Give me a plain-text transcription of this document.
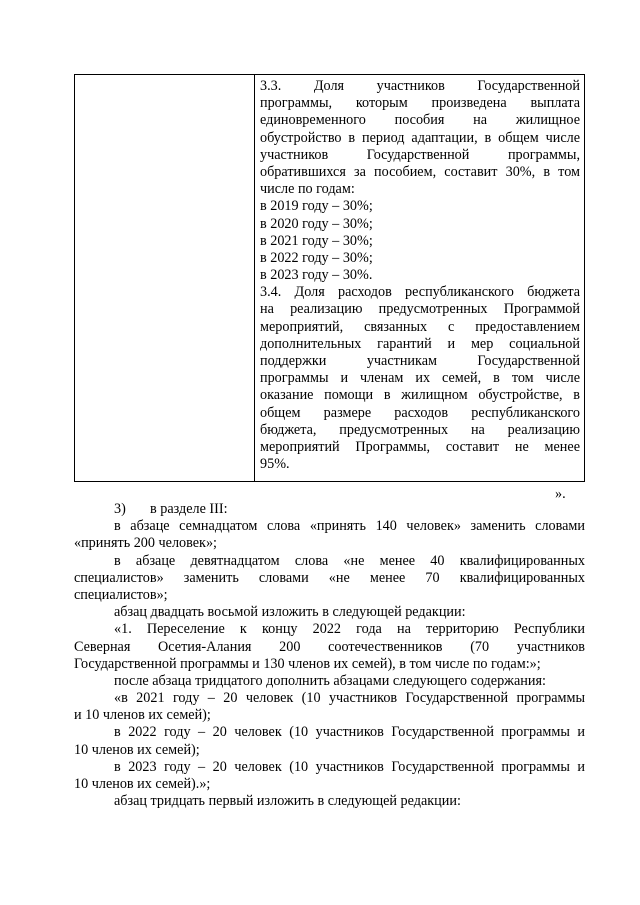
3.3. Доля участников Государственной
программы, которым произведена выплата
единовременного пособия на жилищное
обустройство в период адаптации, в общем числе
участников Государственной программы,
обратившихся за пособием, составит 30%, в том
числе по годам:
в 2019 году – 30%;
в 2020 году – 30%;
в 2021 году – 30%;
в 2022 году – 30%;
в 2023 году – 30%.
3.4. Доля расходов республиканского бюджета
на реализацию предусмотренных Программой
мероприятий, связанных с предоставлением
дополнительных гарантий и мер социальной
поддержки участникам Государственной
программы и членам их семей, в том числе
оказание помощи в жилищном обустройстве, в
общем размере расходов республиканского
бюджета, предусмотренных на реализацию
мероприятий Программы, составит не менее
95%.
».
3) в разделе III:
в абзаце семнадцатом слова «принять 140 человек» заменить словами
«принять 200 человек»;
в абзаце девятнадцатом слова «не менее 40 квалифицированных
специалистов» заменить словами «не менее 70 квалифицированных
специалистов»;
абзац двадцать восьмой изложить в следующей редакции:
«1. Переселение к концу 2022 года на территорию Республики
Северная Осетия-Алания 200 соотечественников (70 участников
Государственной программы и 130 членов их семей), в том числе по годам:»;
после абзаца тридцатого дополнить абзацами следующего содержания:
«в 2021 году – 20 человек (10 участников Государственной программы
и 10 членов их семей);
в 2022 году – 20 человек (10 участников Государственной программы и
10 членов их семей);
в 2023 году – 20 человек (10 участников Государственной программы и
10 членов их семей).»;
абзац тридцать первый изложить в следующей редакции:
